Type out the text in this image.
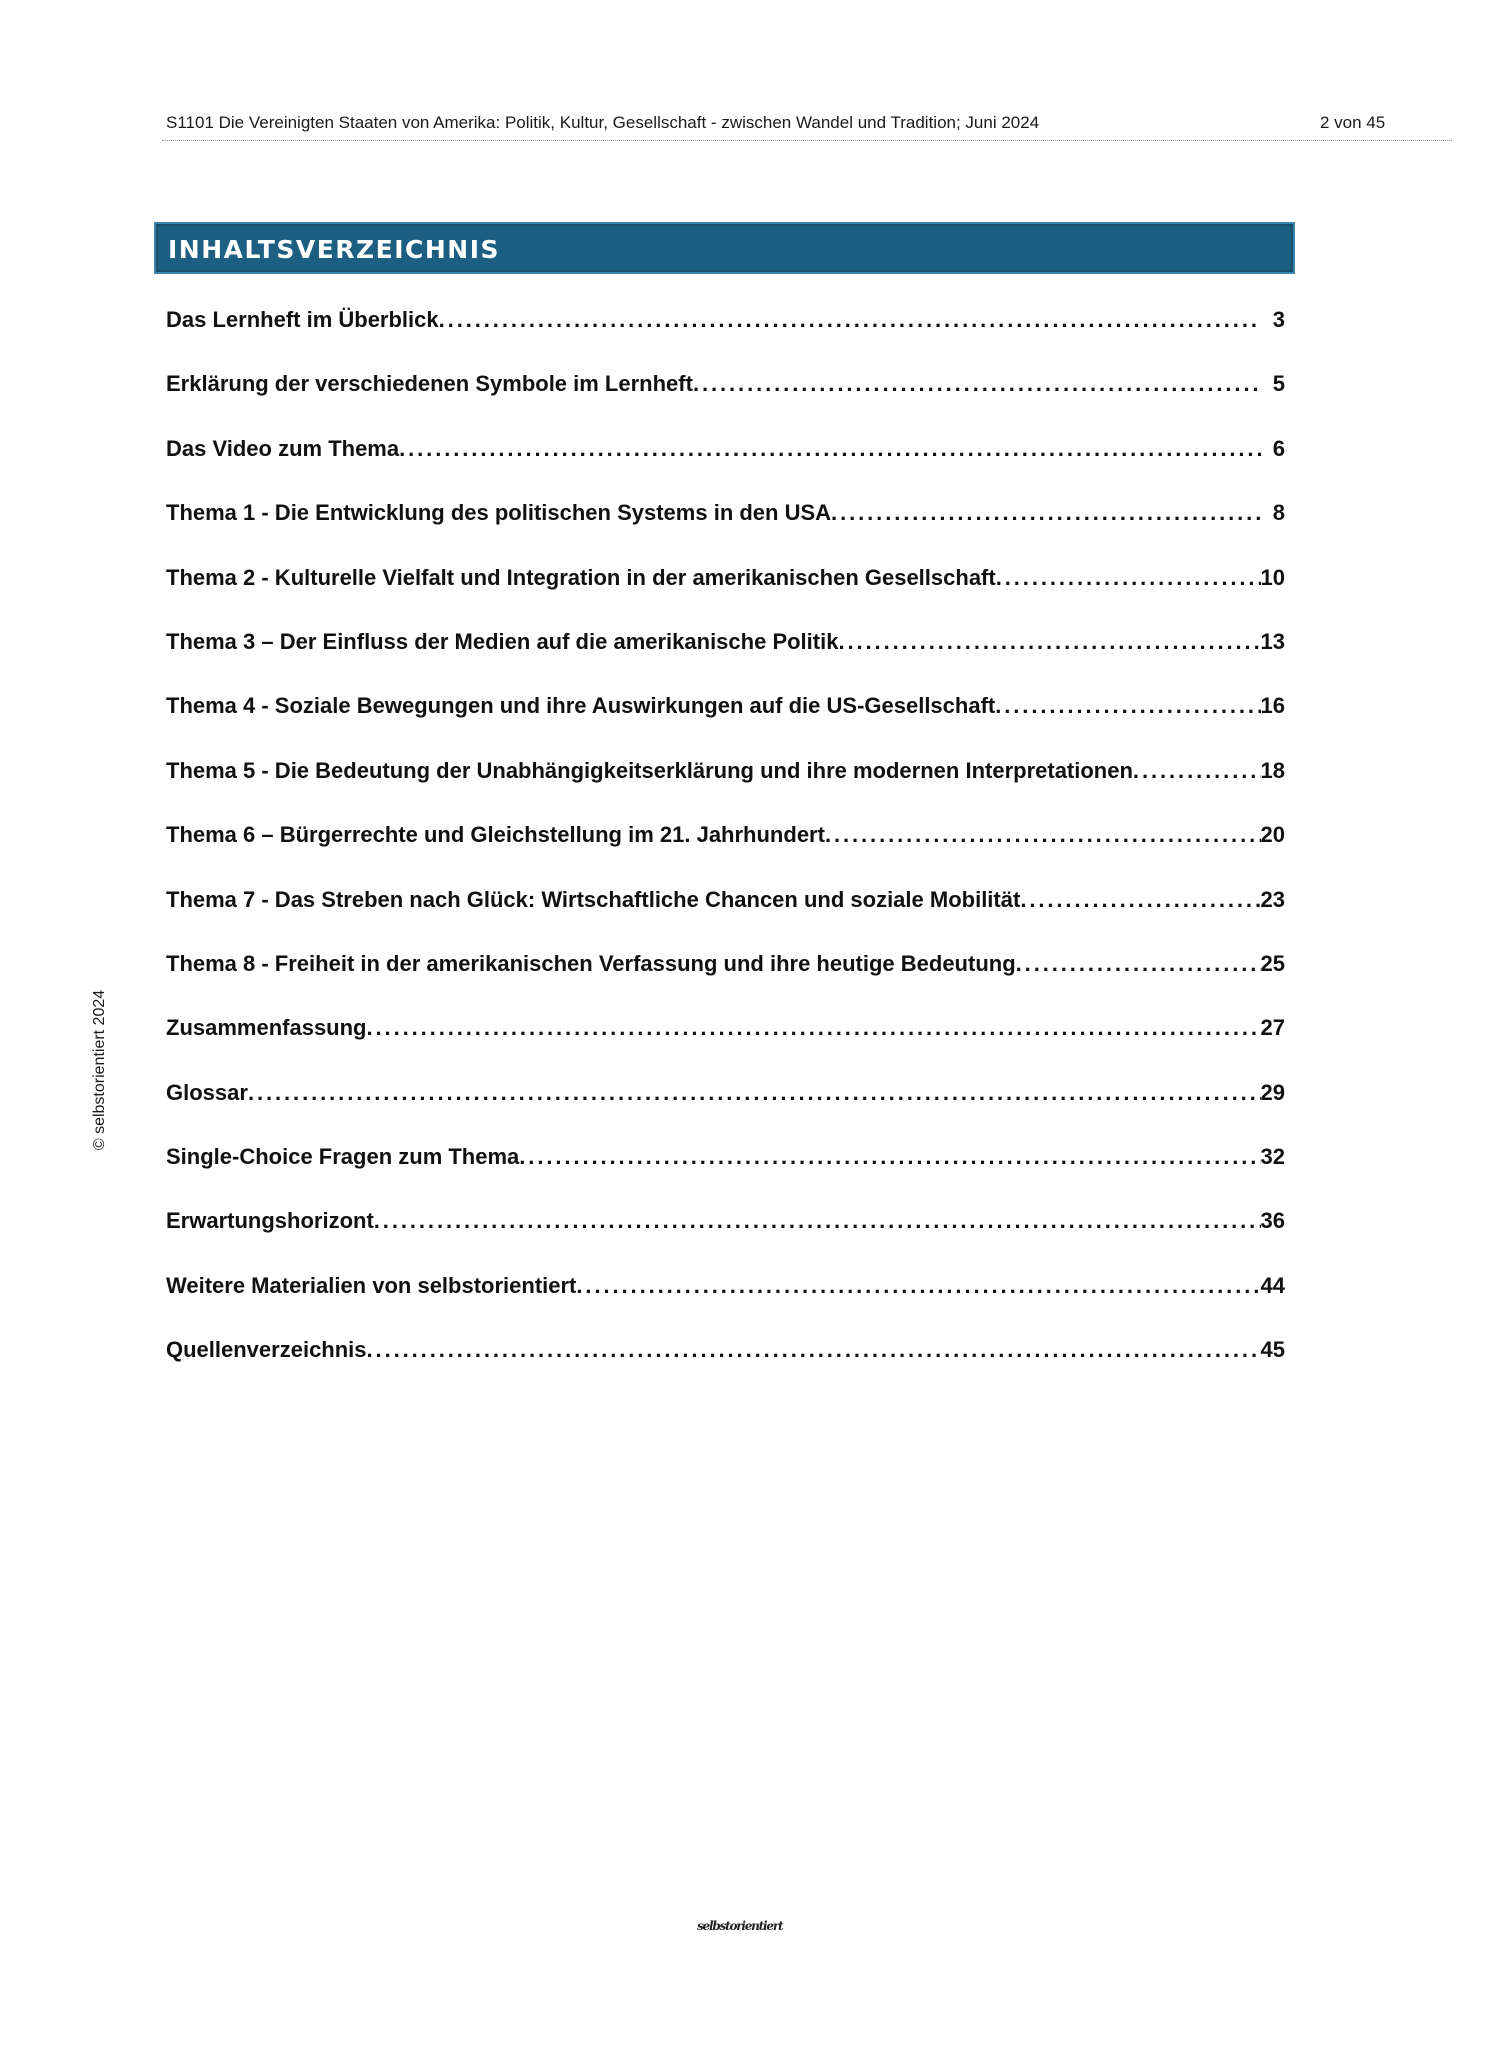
S1101 Die Vereinigten Staaten von Amerika: Politik, Kultur, Gesellschaft - zwischen Wandel und Tradition; Juni 2024	2 von 45
INHALTSVERZEICHNIS
Das Lernheft im Überblick . . .	3
Erklärung der verschiedenen Symbole im Lernheft . . .	5
Das Video zum Thema . . .	6
Thema 1 - Die Entwicklung des politischen Systems in den USA . . .	8
Thema 2 - Kulturelle Vielfalt und Integration in der amerikanischen Gesellschaft . . .	10
Thema 3 – Der Einfluss der Medien auf die amerikanische Politik . . .	13
Thema 4 - Soziale Bewegungen und ihre Auswirkungen auf die US-Gesellschaft . . .	16
Thema 5 - Die Bedeutung der Unabhängigkeitserklärung und ihre modernen Interpretationen . . .	18
Thema 6 – Bürgerrechte und Gleichstellung im 21. Jahrhundert . . .	20
Thema 7 - Das Streben nach Glück: Wirtschaftliche Chancen und soziale Mobilität . . .	23
Thema 8 - Freiheit in der amerikanischen Verfassung und ihre heutige Bedeutung . . .	25
Zusammenfassung . . .	27
Glossar . . .	29
Single-Choice Fragen zum Thema . . .	32
Erwartungshorizont . . .	36
Weitere Materialien von selbstorientiert . . .	44
Quellenverzeichnis . . .	45
© selbstorientiert 2024
selbstorientiert
